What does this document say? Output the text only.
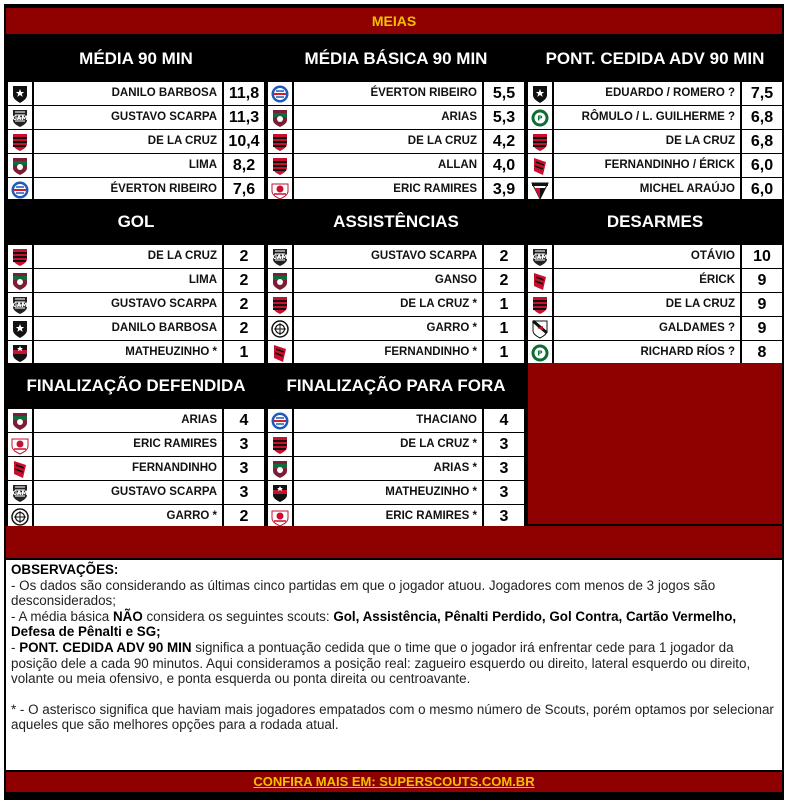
MEIAS
MÉDIA 90 MIN
DANILO BARBOSA 11,8
CAM	GUSTAVO SCARPA 11,3
DE LA CRUZ 10,4
LIMA 8,2
ÉVERTON RIBEIRO 7,6
MÉDIA BÁSICA 90 MIN
ÉVERTON RIBEIRO 5,5
ARIAS 5,3
DE LA CRUZ 4,2
ALLAN 4,0
ERIC RAMIRES 3,9
PONT. CEDIDA ADV 90 MIN
EDUARDO / ROMERO ? 7,5
P	RÔMULO / L. GUILHERME ? 6,8
DE LA CRUZ 6,8
FERNANDINHO / ÉRICK 6,0
MICHEL ARAÚJO 6,0
GOL
DE LA CRUZ	2
LIMA	2
CAM	GUSTAVO SCARPA	2
DANILO BARBOSA	2
MATHEUZINHO *	1
ASSISTÊNCIAS
CAM	GUSTAVO SCARPA	2
GANSO	2
DE LA CRUZ *	1
GARRO *	1
FERNANDINHO *	1
DESARMES
CAM	OTÁVIO	10
ÉRICK	9
DE LA CRUZ	9
GALDAMES ?	9
P	RICHARD RÍOS ?	8
FINALIZAÇÃO DEFENDIDA
ARIAS	4
ERIC RAMIRES	3
FERNANDINHO	3
CAM	GUSTAVO SCARPA	3
GARRO *	2
FINALIZAÇÃO PARA FORA
THACIANO	4
DE LA CRUZ *	3
ARIAS *	3
MATHEUZINHO *	3
ERIC RAMIRES *	3
OBSERVAÇÕES:
- Os dados são considerando as últimas cinco partidas em que o jogador atuou. Jogadores com menos de 3 jogos são desconsiderados;
- A média básica NÃO considera os seguintes scouts: Gol, Assistência, Pênalti Perdido, Gol Contra, Cartão Vermelho, Defesa de Pênalti e SG;
- PONT. CEDIDA ADV 90 MIN significa a pontuação cedida que o time que o jogador irá enfrentar cede para 1 jogador da posição dele a cada 90 minutos. Aqui consideramos a posição real: zagueiro esquerdo ou direito, lateral esquerdo ou direito, volante ou meia ofensivo, e ponta esquerda ou ponta direita ou centroavante.
* - O asterisco significa que haviam mais jogadores empatados com o mesmo número de Scouts, porém optamos por selecionar aqueles que são melhores opções para a rodada atual.
CONFIRA MAIS EM: SUPERSCOUTS.COM.BR
